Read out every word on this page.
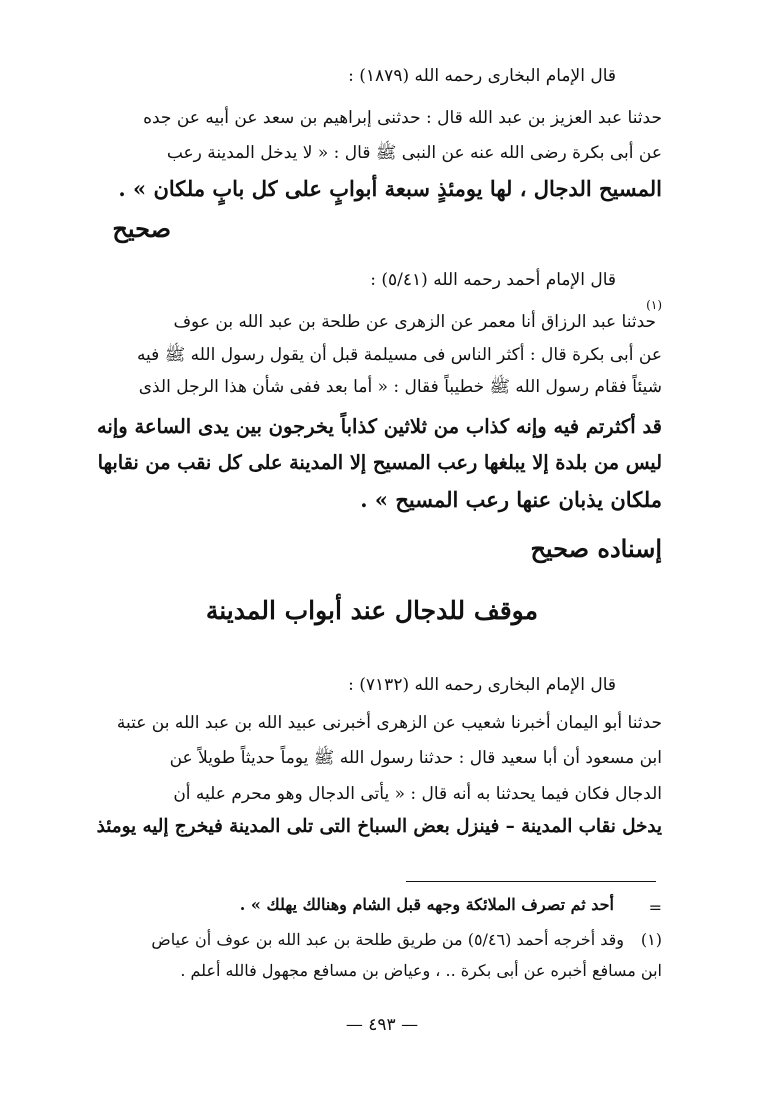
قال الإمام البخارى رحمه الله (١٨٧٩) :
حدثنا عبد العزيز بن عبد الله قال : حدثنى إبراهيم بن سعد عن أبيه عن جده
عن أبى بكرة رضى الله عنه عن النبى ﷺ قال : « لا يدخل المدينة رعب
المسيح الدجال ، لها يومئذٍ سبعة أبوابٍ على كل بابٍ ملكان » .
صحيح
قال الإمام أحمد رحمه الله (٥/٤١) :
حدثنا عبد الرزاق أنا معمر عن الزهرى عن طلحة بن عبد الله بن عوف
(١)
عن أبى بكرة قال : أكثر الناس فى مسيلمة قبل أن يقول رسول الله ﷺ فيه
شيئاً فقام رسول الله ﷺ خطيباً فقال : « أما بعد ففى شأن هذا الرجل الذى
قد أكثرتم فيه وإنه كذاب من ثلاثين كذاباً يخرجون بين يدى الساعة وإنه
ليس من بلدة إلا يبلغها رعب المسيح إلا المدينة على كل نقب من نقابها
ملكان يذبان عنها رعب المسيح » .
إسناده صحيح
موقف للدجال عند أبواب المدينة
قال الإمام البخارى رحمه الله (٧١٣٢) :
حدثنا أبو اليمان أخبرنا شعيب عن الزهرى أخبرنى عبيد الله بن عبد الله بن عتبة
ابن مسعود أن أبا سعيد قال : حدثنا رسول الله ﷺ يوماً حديثاً طويلاً عن
الدجال فكان فيما يحدثنا به أنه قال : « يأتى الدجال وهو محرم عليه أن
يدخل نقاب المدينة – فينزل بعض السباخ التى تلى المدينة فيخرج إليه يومئذ
=
أحد ثم تصرف الملائكة وجهه قبل الشام وهنالك يهلك » .
(١)
وقد أخرجه أحمد (٥/٤٦) من طريق طلحة بن عبد الله بن عوف أن عياض
ابن مسافع أخبره عن أبى بكرة .. ، وعياض بن مسافع مجهول فالله أعلم .
— ٤٩٣ —
